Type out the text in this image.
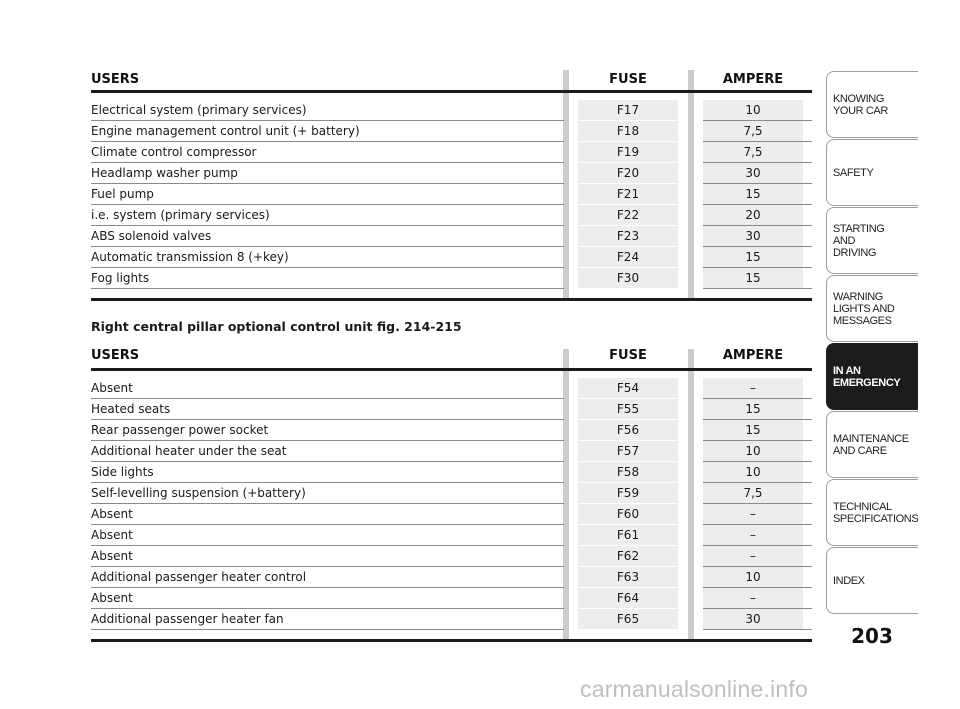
USERS	FUSE	AMPERE
Electrical system (primary services)	F17	10
Engine management control unit (+ battery)	F18	7,5
Climate control compressor	F19	7,5
Headlamp washer pump	F20	30
Fuel pump	F21	15
i.e. system (primary services)	F22	20
ABS solenoid valves	F23	30
Automatic transmission 8 (+key)	F24	15
Fog lights	F30	15
Right central pillar optional control unit fig. 214-215
USERS	FUSE	AMPERE
Absent	F54	–
Heated seats	F55	15
Rear passenger power socket	F56	15
Additional heater under the seat	F57	10
Side lights	F58	10
Self-levelling suspension (+battery)	F59	7,5
Absent	F60	–
Absent	F61	–
Absent	F62	–
Additional passenger heater control	F63	10
Absent	F64	–
Additional passenger heater fan	F65	30
KNOWING
YOUR CAR
SAFETY
STARTING
AND
DRIVING
WARNING
LIGHTS AND
MESSAGES
IN AN
EMERGENCY
MAINTENANCE
AND CARE
TECHNICAL
SPECIFICATIONS
INDEX
203
carmanualsonline.info
